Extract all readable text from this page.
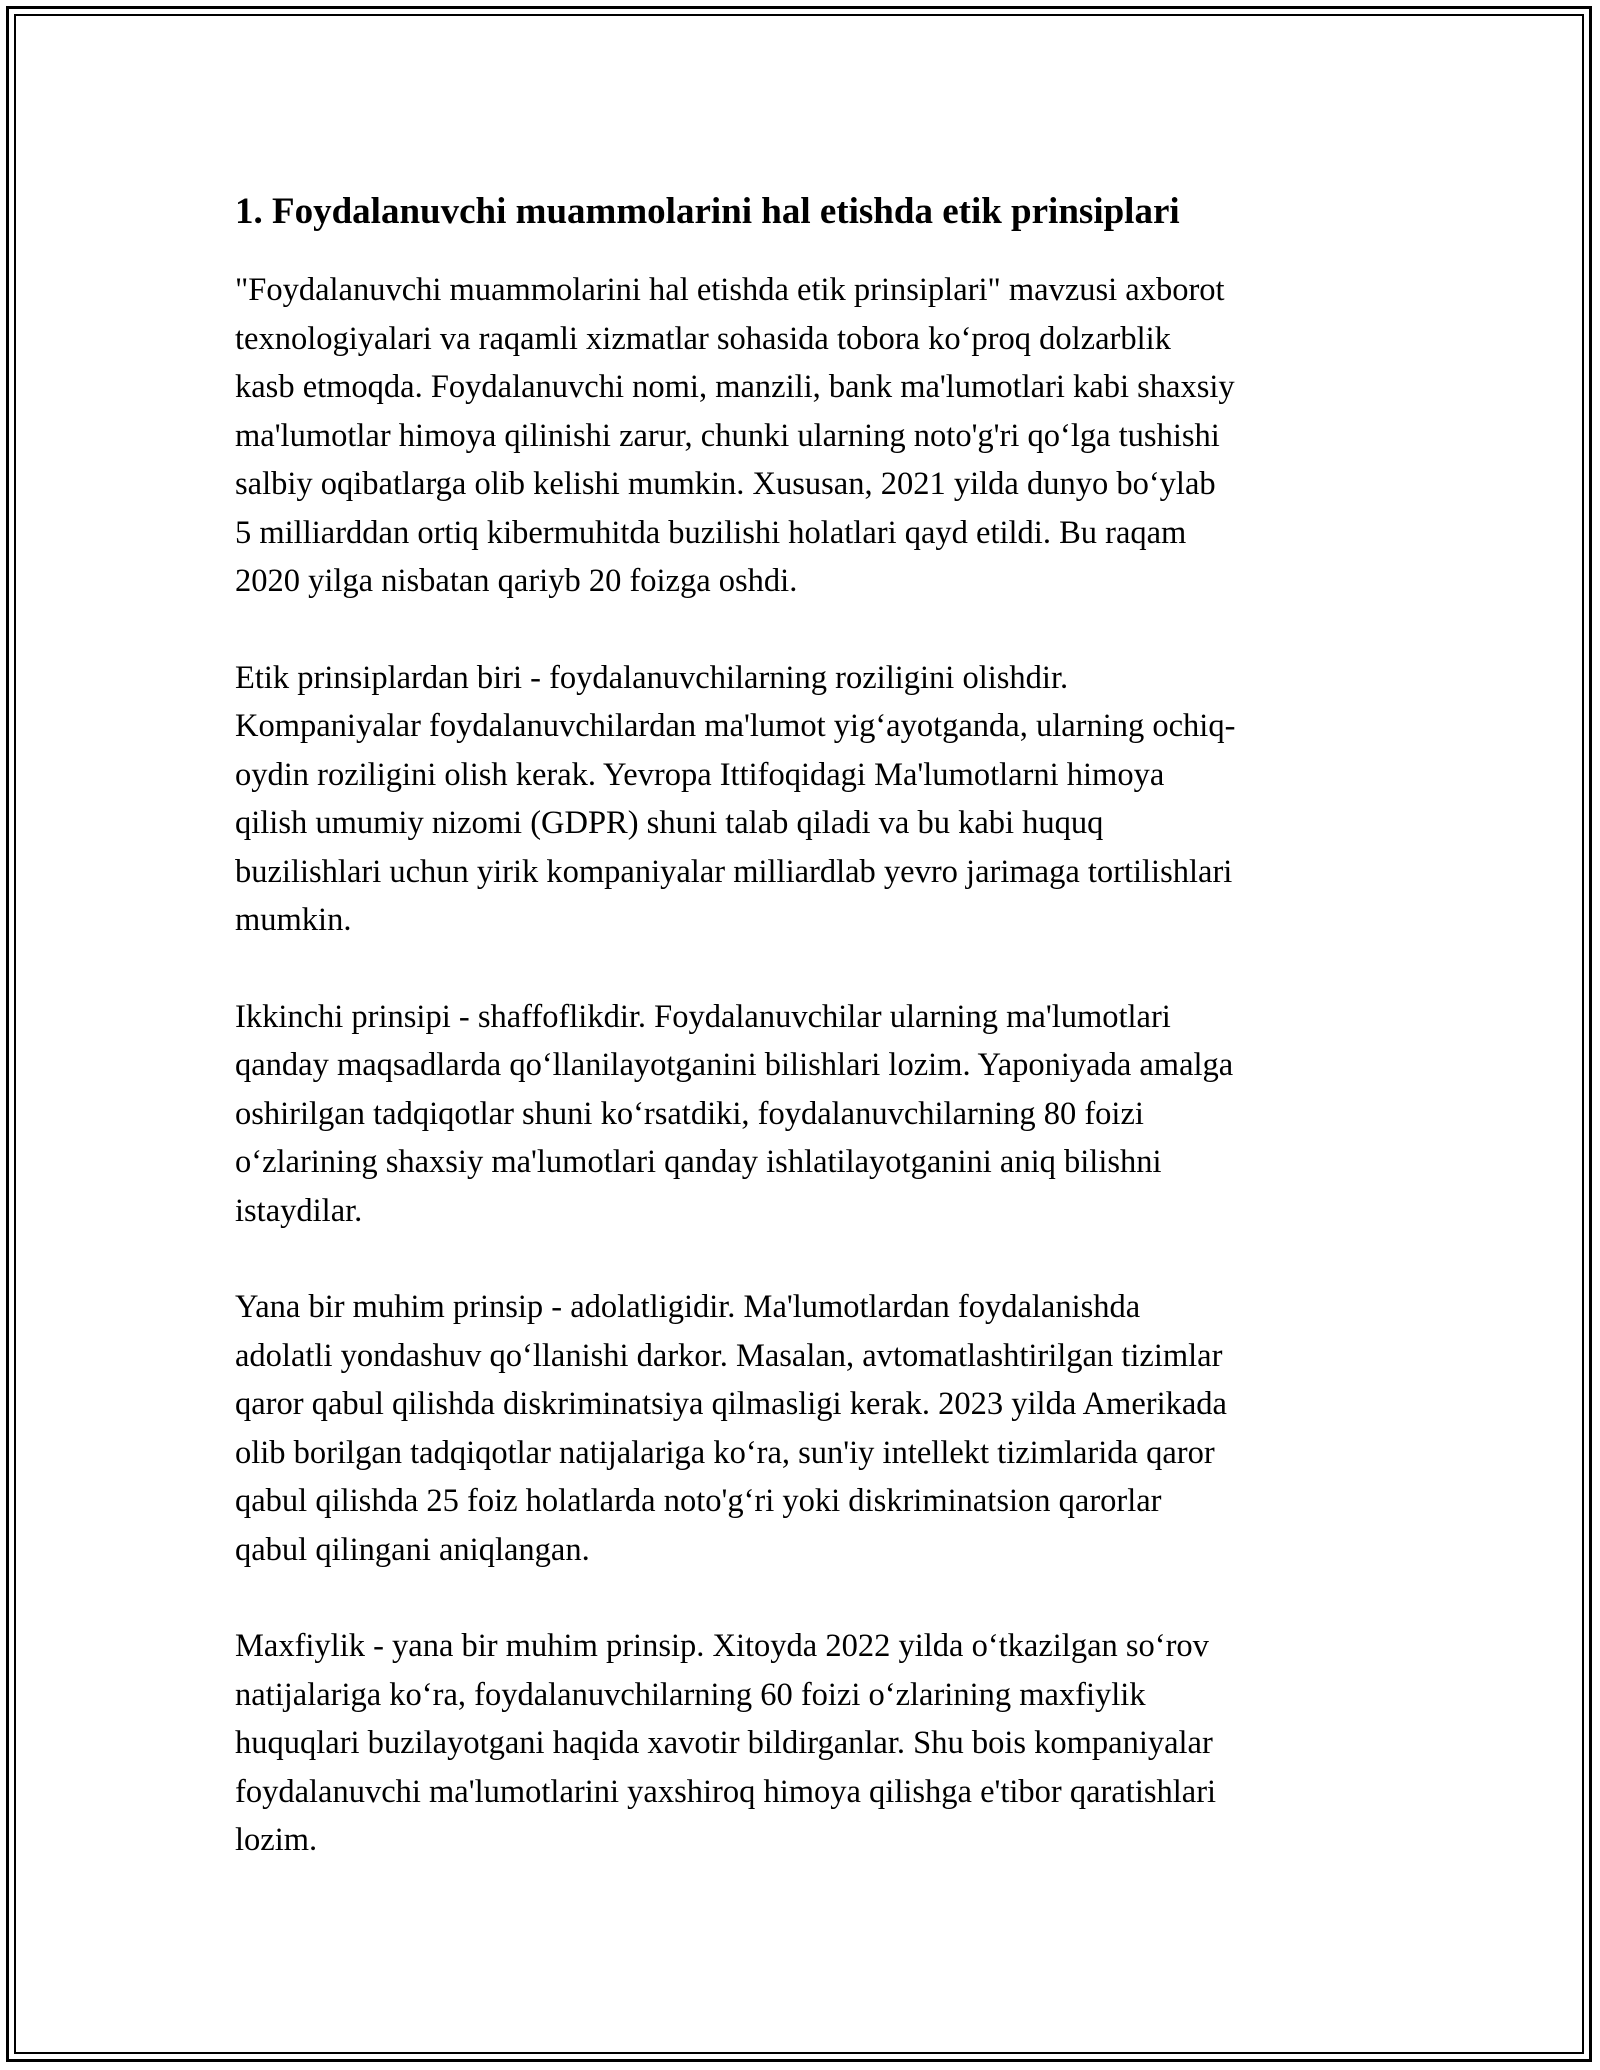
1. Foydalanuvchi muammolarini hal etishda etik prinsiplari

"Foydalanuvchi muammolarini hal etishda etik prinsiplari" mavzusi axborot
texnologiyalari va raqamli xizmatlar sohasida tobora ko‘proq dolzarblik
kasb etmoqda. Foydalanuvchi nomi, manzili, bank ma'lumotlari kabi shaxsiy
ma'lumotlar himoya qilinishi zarur, chunki ularning noto'g'ri qo‘lga tushishi
salbiy oqibatlarga olib kelishi mumkin. Xususan, 2021 yilda dunyo bo‘ylab
5 milliarddan ortiq kibermuhitda buzilishi holatlari qayd etildi. Bu raqam
2020 yilga nisbatan qariyb 20 foizga oshdi.

Etik prinsiplardan biri - foydalanuvchilarning roziligini olishdir.
Kompaniyalar foydalanuvchilardan ma'lumot yig‘ayotganda, ularning ochiq-
oydin roziligini olish kerak. Yevropa Ittifoqidagi Ma'lumotlarni himoya
qilish umumiy nizomi (GDPR) shuni talab qiladi va bu kabi huquq
buzilishlari uchun yirik kompaniyalar milliardlab yevro jarimaga tortilishlari
mumkin.

Ikkinchi prinsipi - shaffoflikdir. Foydalanuvchilar ularning ma'lumotlari
qanday maqsadlarda qo‘llanilayotganini bilishlari lozim. Yaponiyada amalga
oshirilgan tadqiqotlar shuni ko‘rsatdiki, foydalanuvchilarning 80 foizi
o‘zlarining shaxsiy ma'lumotlari qanday ishlatilayotganini aniq bilishni
istaydilar.

Yana bir muhim prinsip - adolatligidir. Ma'lumotlardan foydalanishda
adolatli yondashuv qo‘llanishi darkor. Masalan, avtomatlashtirilgan tizimlar
qaror qabul qilishda diskriminatsiya qilmasligi kerak. 2023 yilda Amerikada
olib borilgan tadqiqotlar natijalariga ko‘ra, sun'iy intellekt tizimlarida qaror
qabul qilishda 25 foiz holatlarda noto'g‘ri yoki diskriminatsion qarorlar
qabul qilingani aniqlangan.

Maxfiylik - yana bir muhim prinsip. Xitoyda 2022 yilda o‘tkazilgan so‘rov
natijalariga ko‘ra, foydalanuvchilarning 60 foizi o‘zlarining maxfiylik
huquqlari buzilayotgani haqida xavotir bildirganlar. Shu bois kompaniyalar
foydalanuvchi ma'lumotlarini yaxshiroq himoya qilishga e'tibor qaratishlari
lozim.
